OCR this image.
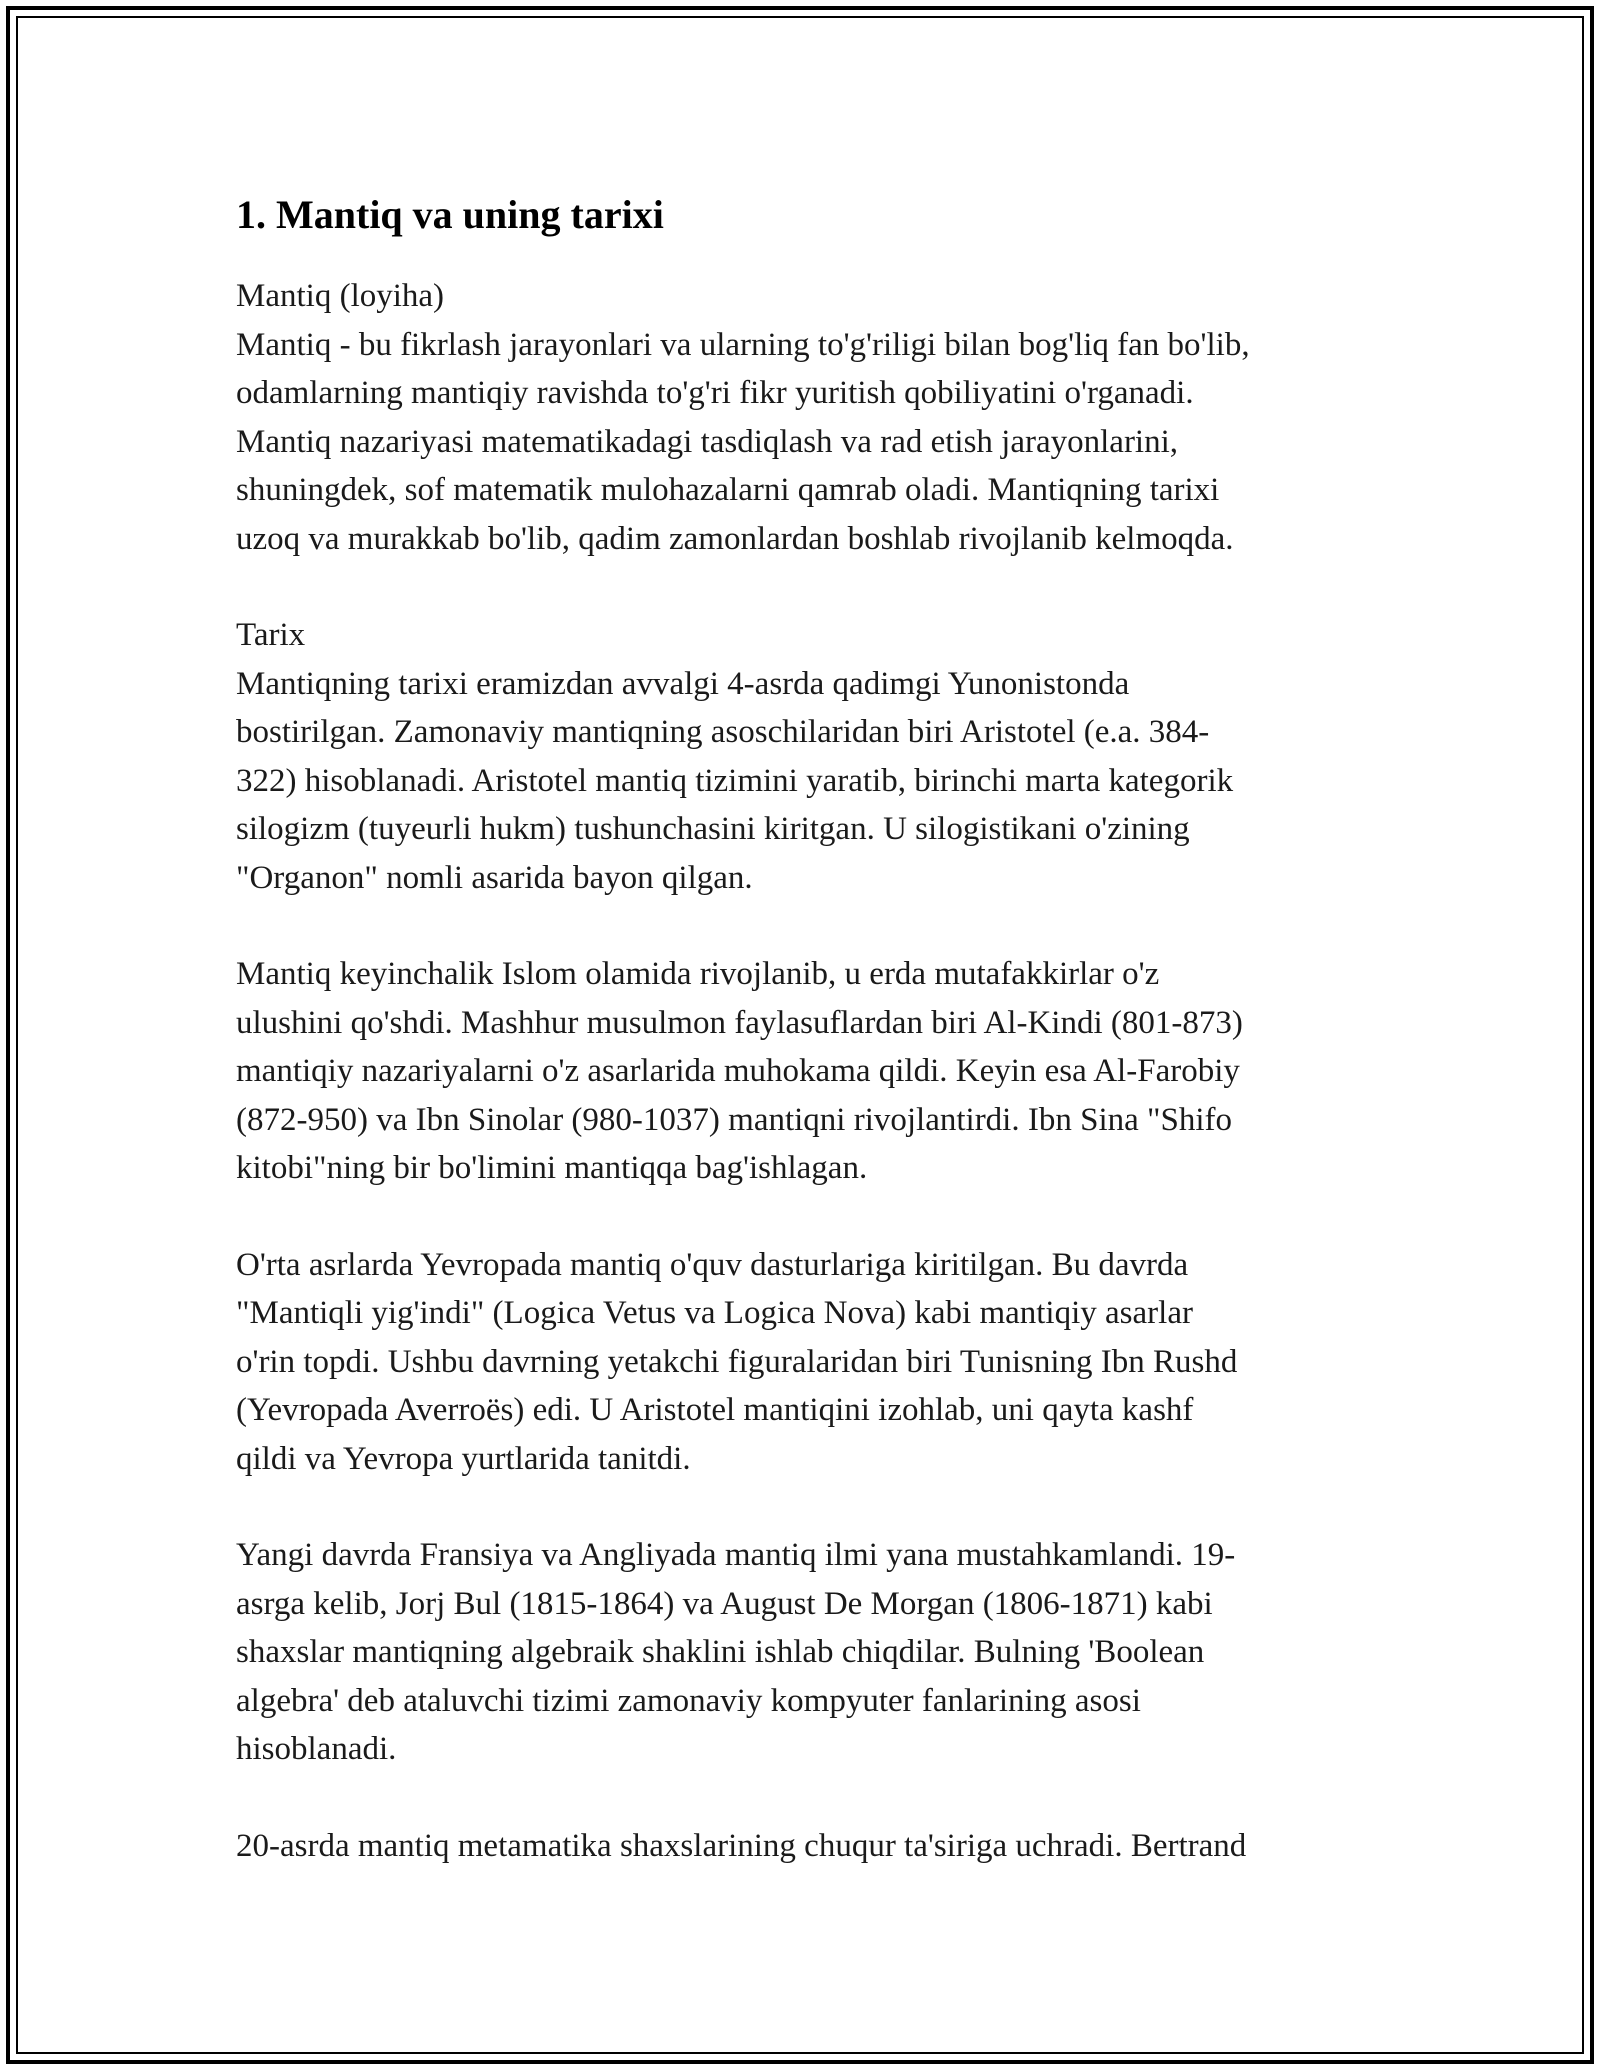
1. Mantiq va uning tarixi
Mantiq (loyiha)
Mantiq - bu fikrlash jarayonlari va ularning to'g'riligi bilan bog'liq fan bo'lib,
odamlarning mantiqiy ravishda to'g'ri fikr yuritish qobiliyatini o'rganadi.
Mantiq nazariyasi matematikadagi tasdiqlash va rad etish jarayonlarini,
shuningdek, sof matematik mulohazalarni qamrab oladi. Mantiqning tarixi
uzoq va murakkab bo'lib, qadim zamonlardan boshlab rivojlanib kelmoqda.
Tarix
Mantiqning tarixi eramizdan avvalgi 4-asrda qadimgi Yunonistonda
bostirilgan. Zamonaviy mantiqning asoschilaridan biri Aristotel (e.a. 384-
322) hisoblanadi. Aristotel mantiq tizimini yaratib, birinchi marta kategorik
silogizm (tuyeurli hukm) tushunchasini kiritgan. U silogistikani o'zining
"Organon" nomli asarida bayon qilgan.
Mantiq keyinchalik Islom olamida rivojlanib, u erda mutafakkirlar o'z
ulushini qo'shdi. Mashhur musulmon faylasuflardan biri Al-Kindi (801-873)
mantiqiy nazariyalarni o'z asarlarida muhokama qildi. Keyin esa Al-Farobiy
(872-950) va Ibn Sinolar (980-1037) mantiqni rivojlantirdi. Ibn Sina "Shifo
kitobi"ning bir bo'limini mantiqqa bag'ishlagan.
O'rta asrlarda Yevropada mantiq o'quv dasturlariga kiritilgan. Bu davrda
"Mantiqli yig'indi" (Logica Vetus va Logica Nova) kabi mantiqiy asarlar
o'rin topdi. Ushbu davrning yetakchi figuralaridan biri Tunisning Ibn Rushd
(Yevropada Averroës) edi. U Aristotel mantiqini izohlab, uni qayta kashf
qildi va Yevropa yurtlarida tanitdi.
Yangi davrda Fransiya va Angliyada mantiq ilmi yana mustahkamlandi. 19-
asrga kelib, Jorj Bul (1815-1864) va August De Morgan (1806-1871) kabi
shaxslar mantiqning algebraik shaklini ishlab chiqdilar. Bulning 'Boolean
algebra' deb ataluvchi tizimi zamonaviy kompyuter fanlarining asosi
hisoblanadi.
20-asrda mantiq metamatika shaxslarining chuqur ta'siriga uchradi. Bertrand
